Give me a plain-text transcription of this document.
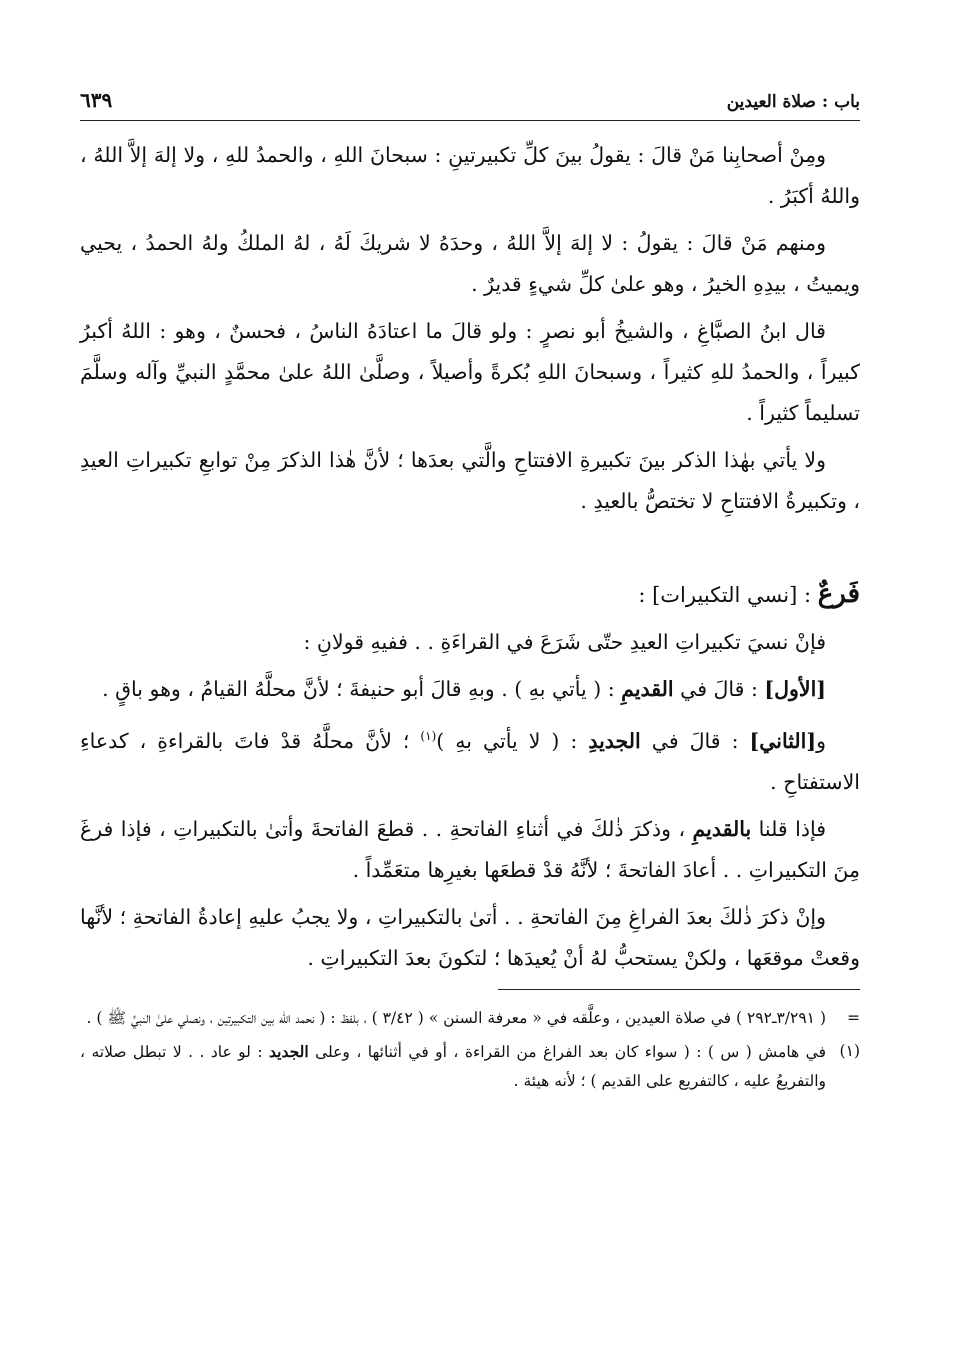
باب : صلاة العيدين
٦٣٩

ومِنْ أصحابِنا مَنْ قالَ : يقولُ بينَ كلِّ تكبيرتينِ : سبحانَ اللهِ ، والحمدُ للهِ ، ولا إلهَ إلاَّ اللهُ ، واللهُ أكبَرُ .

ومنهم مَنْ قالَ : يقولُ : لا إلهَ إلاَّ اللهُ ، وحدَهُ لا شريكَ لَهُ ، لهُ الملكُ ولهُ الحمدُ ، يحيي ويميتُ ، بيدِهِ الخيرُ ، وهو علىٰ كلِّ شيءٍ قديرٌ .

قال ابنُ الصبَّاغِ ، والشيخُ أبو نصرٍ : ولو قالَ ما اعتادَهُ الناسُ ، فحسنٌ ، وهو : اللهُ أكبرُ كبيراً ، والحمدُ للهِ كثيراً ، وسبحانَ اللهِ بُكرةً وأصيلاً ، وصلَّىٰ اللهُ علىٰ محمَّدٍ النبيِّ وآله وسلَّمَ تسليماً كثيراً .

ولا يأتي بهٰذا الذكر بينَ تكبيرةِ الافتتاحِ والَّتي بعدَها ؛ لأنَّ هٰذا الذكرَ مِنْ توابعِ تكبيراتِ العيدِ ، وتكبيرةُ الافتتاحِ لا تختصُّ بالعيدِ .

فَرعٌ : [نسي التكبيرات] :

فإنْ نسيَ تكبيراتِ العيدِ حتّى شَرَعَ في القراءَةِ . . ففيهِ قولانِ :

[الأول] : قالَ في القديمِ : ( يأتي بهِ ) . وبهِ قالَ أبو حنيفةَ ؛ لأنَّ محلَّهُ القيامُ ، وهو باقٍ .

و[الثاني] : قالَ في الجديدِ : ( لا يأتي بهِ )$^{(١)}$ ؛ لأنَّ محلَّهُ قدْ فاتَ بالقراءةِ ، كدعاءِ الاستفتاحِ .

فإذا قلنا بالقديمِ ، وذكرَ ذٰلكَ في أثناءِ الفاتحةِ . . قطعَ الفاتحةَ وأتىٰ بالتكبيراتِ ، فإذا فرغَ مِنَ التكبيراتِ . . أعادَ الفاتحةَ ؛ لأنَّهُ قدْ قطعَها بغيرِها متعَمِّداً .

وإنْ ذكرَ ذٰلكَ بعدَ الفراغِ مِنَ الفاتحةِ . . أتىٰ بالتكبيراتِ ، ولا يجبُ عليهِ إعادةُ الفاتحةِ ؛ لأنَّها وقعتْ موقعَها ، ولكنْ يستحبُّ لهُ أنْ يُعيدَها ؛ لتكونَ بعدَ التكبيراتِ .

=
( ٣/٢٩١ـ٢٩٢ ) في صلاة العيدين ، وعلَّقه في « معرفة السنن » ( ٣/٤٢ ) ، بلفظ : ( نحمد الله بين التكبيرتين ، ونصلي علىٰ النبيِّ ﷺ ) .
(١)
في هامش ( س ) : ( سواء كان بعد الفراغ من القراءة ، أو في أثنائها ، وعلى الجديد : لو عاد . . لا تبطل صلاته ، والتفريعُ عليه ، كالتفريع على القديم ) ؛ لأنه هيئة .
